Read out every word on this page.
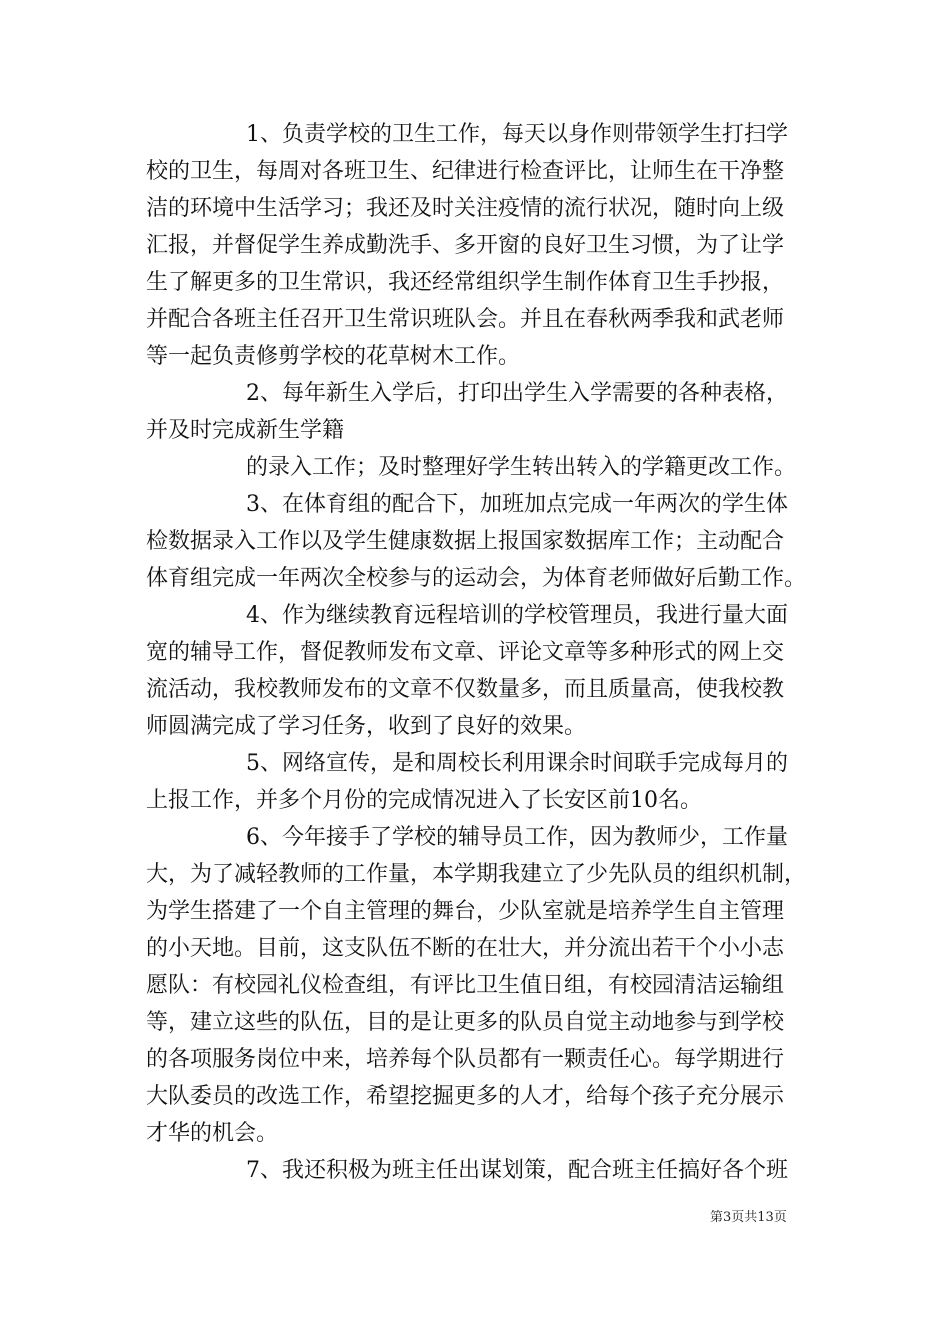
1、负责学校的卫生工作，每天以身作则带领学生打扫学
校的卫生，每周对各班卫生、纪律进行检查评比，让师生在干净整
洁的环境中生活学习；我还及时关注疫情的流行状况，随时向上级
汇报，并督促学生养成勤洗手、多开窗的良好卫生习惯，为了让学
生了解更多的卫生常识，我还经常组织学生制作体育卫生手抄报，
并配合各班主任召开卫生常识班队会。并且在春秋两季我和武老师
等一起负责修剪学校的花草树木工作。
2、每年新生入学后，打印出学生入学需要的各种表格，
并及时完成新生学籍
的录入工作；及时整理好学生转出转入的学籍更改工作。
3、在体育组的配合下，加班加点完成一年两次的学生体
检数据录入工作以及学生健康数据上报国家数据库工作；主动配合
体育组完成一年两次全校参与的运动会，为体育老师做好后勤工作。
4、作为继续教育远程培训的学校管理员，我进行量大面
宽的辅导工作，督促教师发布文章、评论文章等多种形式的网上交
流活动，我校教师发布的文章不仅数量多，而且质量高，使我校教
师圆满完成了学习任务，收到了良好的效果。
5、网络宣传，是和周校长利用课余时间联手完成每月的
上报工作，并多个月份的完成情况进入了长安区前10名。
6、今年接手了学校的辅导员工作，因为教师少，工作量
大，为了减轻教师的工作量，本学期我建立了少先队员的组织机制，
为学生搭建了一个自主管理的舞台，少队室就是培养学生自主管理
的小天地。目前，这支队伍不断的在壮大，并分流出若干个小小志
愿队：有校园礼仪检查组，有评比卫生值日组，有校园清洁运输组
等，建立这些的队伍，目的是让更多的队员自觉主动地参与到学校
的各项服务岗位中来，培养每个队员都有一颗责任心。每学期进行
大队委员的改选工作，希望挖掘更多的人才，给每个孩子充分展示
才华的机会。
7、我还积极为班主任出谋划策，配合班主任搞好各个班
第3页共13页
